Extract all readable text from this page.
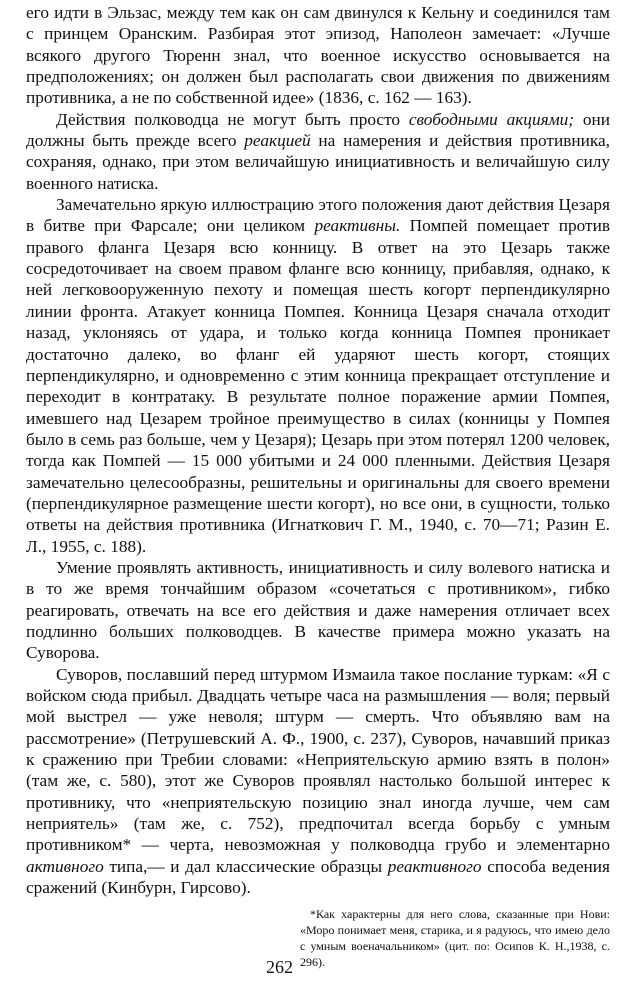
его идти в Эльзас, между тем как он сам двинулся к Кельну и соединился там с принцем Оранским. Разбирая этот эпизод, Наполеон замечает: «Лучше всякого другого Тюренн знал, что военное искусство основывается на предположениях; он должен был располагать свои движения по движениям противника, а не по собственной идее» (1836, с. 162 — 163).

Действия полководца не могут быть просто свободными акциями; они должны быть прежде всего реакцией на намерения и действия противника, сохраняя, однако, при этом величайшую инициативность и величайшую силу военного натиска.

Замечательно яркую иллюстрацию этого положения дают действия Цезаря в битве при Фарсале; они целиком реактивны. Помпей помещает против правого фланга Цезаря всю конницу. В ответ на это Цезарь также сосредоточивает на своем правом фланге всю конницу, прибавляя, однако, к ней легковооруженную пехоту и помещая шесть когорт перпендикулярно линии фронта. Атакует конница Помпея. Конница Цезаря сначала отходит назад, уклоняясь от удара, и только когда конница Помпея проникает достаточно далеко, во фланг ей ударяют шесть когорт, стоящих перпендикулярно, и одновременно с этим конница прекращает отступление и переходит в контратаку. В результате полное поражение армии Помпея, имевшего над Цезарем тройное преимущество в силах (конницы у Помпея было в семь раз больше, чем у Цезаря); Цезарь при этом потерял 1200 человек, тогда как Помпей — 15 000 убитыми и 24 000 пленными. Действия Цезаря замечательно целесообразны, решительны и оригинальны для своего времени (перпендикулярное размещение шести когорт), но все они, в сущности, только ответы на действия противника (Игнаткович Г. М., 1940, с. 70—71; Разин Е. Л., 1955, с. 188).

Умение проявлять активность, инициативность и силу волевого натиска и в то же время тончайшим образом «сочетаться с противником», гибко реагировать, отвечать на все его действия и даже намерения отличает всех подлинно больших полководцев. В качестве примера можно указать на Суворова.

Суворов, пославший перед штурмом Измаила такое послание туркам: «Я с войском сюда прибыл. Двадцать четыре часа на размышления — воля; первый мой выстрел — уже неволя; штурм — смерть. Что объявляю вам на рассмотрение» (Петрушевский А. Ф., 1900, с. 237), Суворов, начавший приказ к сражению при Требии словами: «Неприятельскую армию взять в полон» (там же, с. 580), этот же Суворов проявлял настолько большой интерес к противнику, что «неприятельскую позицию знал иногда лучше, чем сам неприятель» (там же, с. 752), предпочитал всегда борьбу с умным противником* — черта, невозможная у полководца грубо и элементарно активного типа,— и дал классические образцы реактивного способа ведения сражений (Кинбурн, Гирсово).

*Как характерны для него слова, сказанные при Нови: «Моро понимает меня, старика, и я радуюсь, что имею дело с умным военачальником» (цит. по: Осипов К. Н.,1938, с. 296).

262
